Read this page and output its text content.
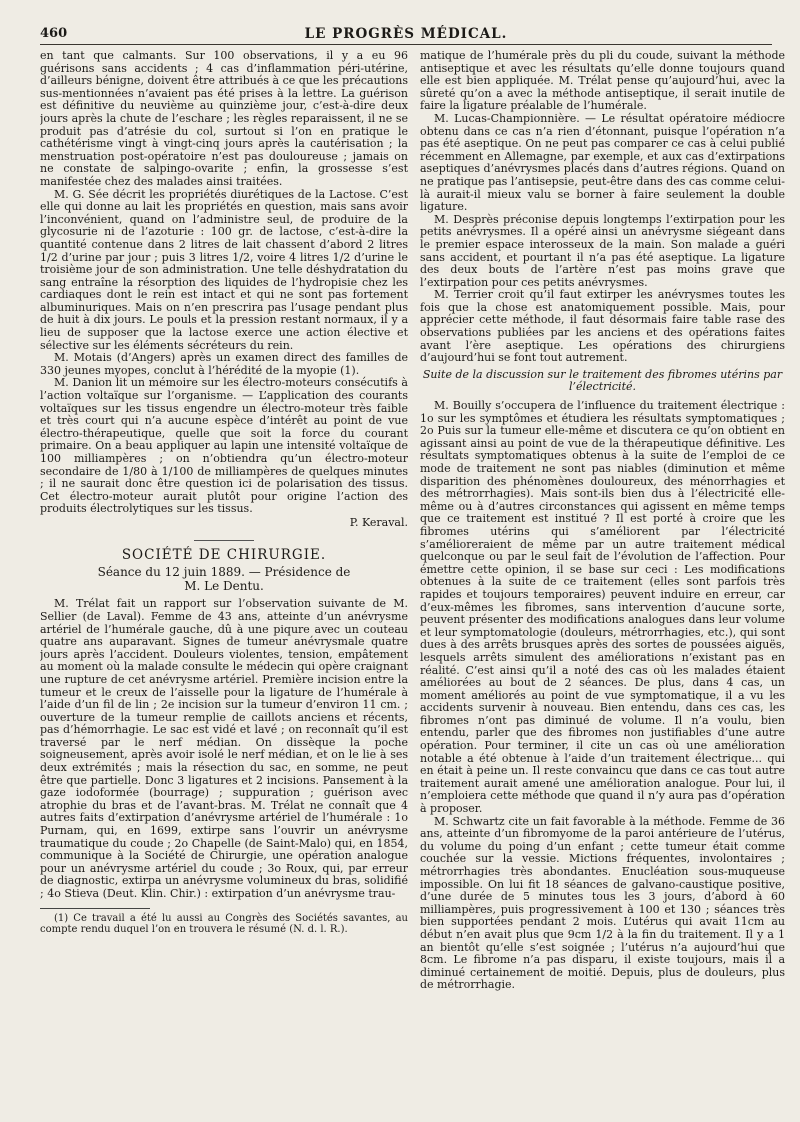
460	LE PROGRÈS MÉDICAL.

en tant que calmants. Sur 100 observations, il y a eu 96 guérisons sans accidents ; 4 cas d’inflammation péri-utérine, d’ailleurs bénigne, doivent être attribués à ce que les précautions sus-mentionnées n’avaient pas été prises à la lettre. La guérison est définitive du neuvième au quinzième jour, c’est-à-dire deux jours après la chute de l’eschare ; les règles reparaissent, il ne se produit pas d’atrésie du col, surtout si l’on en pratique le cathétérisme vingt à vingt-cinq jours après la cautérisation ; la menstruation post-opératoire n’est pas douloureuse ; jamais on ne constate de salpingo-ovarite ; enfin, la grossesse s’est manifestée chez des malades ainsi traitées.

M. G. Sée décrit les propriétés diurétiques de la Lactose. C’est elle qui donne au lait les propriétés en question, mais sans avoir l’inconvénient, quand on l’administre seul, de produire de la glycosurie ni de l’azoturie : 100 gr. de lactose, c’est-à-dire la quantité contenue dans 2 litres de lait chassent d’abord 2 litres 1/2 d’urine par jour ; puis 3 litres 1/2, voire 4 litres 1/2 d’urine le troisième jour de son administration. Une telle déshydratation du sang entraîne la résorption des liquides de l’hydropisie chez les cardiaques dont le rein est intact et qui ne sont pas fortement albuminuriques. Mais on n’en prescrira pas l’usage pendant plus de huit à dix jours. Le pouls et la pression restant normaux, il y a lieu de supposer que la lactose exerce une action élective et sélective sur les éléments sécréteurs du rein.

M. Motais (d’Angers) après un examen direct des familles de 330 jeunes myopes, conclut à l’hérédité de la myopie (1).

M. Danion lit un mémoire sur les électro-moteurs consécutifs à l’action voltaïque sur l’organisme. — L’application des courants voltaïques sur les tissus engendre un électro-moteur très faible et très court qui n’a aucune espèce d’intérêt au point de vue électro-thérapeutique, quelle que soit la force du courant primaire. On a beau appliquer au lapin une intensité voltaïque de 100 milliampères ; on n’obtiendra qu’un électro-moteur secondaire de 1/80 à 1/100 de milliampères de quelques minutes ; il ne saurait donc être question ici de polarisation des tissus. Cet électro-moteur aurait plutôt pour origine l’action des produits électrolytiques sur les tissus.

P. Keraval.
SOCIÉTÉ DE CHIRURGIE.
Séance du 12 juin 1889. — Présidence de
M. Le Dentu.

M. Trélat fait un rapport sur l’observation suivante de M. Sellier (de Laval). Femme de 43 ans, atteinte d’un anévrysme artériel de l’humérale gauche, dû à une piqure avec un couteau quatre ans auparavant. Signes de tumeur anévrysmale quatre jours après l’accident. Douleurs violentes, tension, empâtement au moment où la malade consulte le médecin qui opère craignant une rupture de cet anévrysme artériel. Première incision entre la tumeur et le creux de l’aisselle pour la ligature de l’humérale à l’aide d’un fil de lin ; 2e incision sur la tumeur d’environ 11 cm. ; ouverture de la tumeur remplie de caillots anciens et récents, pas d’hémorrhagie. Le sac est vidé et lavé ; on reconnaît qu’il est traversé par le nerf médian. On dissèque la poche soigneusement, après avoir isolé le nerf médian, et on le lie à ses deux extrémités ; mais la résection du sac, en somme, ne peut être que partielle. Donc 3 ligatures et 2 incisions. Pansement à la gaze iodoformée (bourrage) ; suppuration ; guérison avec atrophie du bras et de l’avant-bras. M. Trélat ne connaît que 4 autres faits d’extirpation d’anévrysme artériel de l’humérale : 1o Purnam, qui, en 1699, extirpe sans l’ouvrir un anévrysme traumatique du coude ; 2o Chapelle (de Saint-Malo) qui, en 1854, communique à la Société de Chirurgie, une opération analogue pour un anévrysme artériel du coude ; 3o Roux, qui, par erreur de diagnostic, extirpa un anévrysme volumineux du bras, solidifié ; 4o Stieva (Deut. Klin. Chir.) : extirpation d’un anévrysme trau-

(1) Ce travail a été lu aussi au Congrès des Sociétés savantes, au compte rendu duquel l’on en trouvera le résumé (N. d. l. R.).

matique de l’humérale près du pli du coude, suivant la méthode antiseptique et avec les résultats qu’elle donne toujours quand elle est bien appliquée. M. Trélat pense qu’aujourd’hui, avec la sûreté qu’on a avec la méthode antiseptique, il serait inutile de faire la ligature préalable de l’humérale.

M. Lucas-Championnière. — Le résultat opératoire médiocre obtenu dans ce cas n’a rien d’étonnant, puisque l’opération n’a pas été aseptique. On ne peut pas comparer ce cas à celui publié récemment en Allemagne, par exemple, et aux cas d’extirpations aseptiques d’anévrysmes placés dans d’autres régions. Quand on ne pratique pas l’antisepsie, peut-être dans des cas comme celui-là aurait-il mieux valu se borner à faire seulement la double ligature.

M. Desprès préconise depuis longtemps l’extirpation pour les petits anévrysmes. Il a opéré ainsi un anévrysme siégeant dans le premier espace interosseux de la main. Son malade a guéri sans accident, et pourtant il n’a pas été aseptique. La ligature des deux bouts de l’artère n’est pas moins grave que l’extirpation pour ces petits anévrysmes.

M. Terrier croit qu’il faut extirper les anévrysmes toutes les fois que la chose est anatomiquement possible. Mais, pour apprécier cette méthode, il faut désormais faire table rase des observations publiées par les anciens et des opérations faites avant l’ère aseptique. Les opérations des chirurgiens d’aujourd’hui se font tout autrement.

Suite de la discussion sur le traitement des fibromes utérins par l’électricité.

M. Bouilly s’occupera de l’influence du traitement électrique : 1o sur les symptômes et étudiera les résultats symptomatiques ; 2o Puis sur la tumeur elle-même et discutera ce qu’on obtient en agissant ainsi au point de vue de la thérapeutique définitive. Les résultats symptomatiques obtenus à la suite de l’emploi de ce mode de traitement ne sont pas niables (diminution et même disparition des phénomènes douloureux, des ménorrhagies et des métrorrhagies). Mais sont-ils bien dus à l’électricité elle-même ou à d’autres circonstances qui agissent en même temps que ce traitement est institué ? Il est porté à croire que les fibromes utérins qui s’améliorent par l’électricité s’amélioreraient de même par un autre traitement médical quelconque ou par le seul fait de l’évolution de l’affection. Pour émettre cette opinion, il se base sur ceci : Les modifications obtenues à la suite de ce traitement (elles sont parfois très rapides et toujours temporaires) peuvent induire en erreur, car d’eux-mêmes les fibromes, sans intervention d’aucune sorte, peuvent présenter des modifications analogues dans leur volume et leur symptomatologie (douleurs, métrorrhagies, etc.), qui sont dues à des arrêts brusques après des sortes de poussées aiguës, lesquels arrêts simulent des améliorations n’existant pas en réalité. C’est ainsi qu’il a noté des cas où les malades étaient améliorées au bout de 2 séances. De plus, dans 4 cas, un moment améliorés au point de vue symptomatique, il a vu les accidents survenir à nouveau. Bien entendu, dans ces cas, les fibromes n’ont pas diminué de volume. Il n’a voulu, bien entendu, parler que des fibromes non justifiables d’une autre opération. Pour terminer, il cite un cas où une amélioration notable a été obtenue à l’aide d’un traitement électrique... qui en était à peine un. Il reste convaincu que dans ce cas tout autre traitement aurait amené une amélioration analogue. Pour lui, il n’emploiera cette méthode que quand il n’y aura pas d’opération à proposer.

M. Schwartz cite un fait favorable à la méthode. Femme de 36 ans, atteinte d’un fibromyome de la paroi antérieure de l’utérus, du volume du poing d’un enfant ; cette tumeur était comme couchée sur la vessie. Mictions fréquentes, involontaires ; métrorrhagies très abondantes. Enucléation sous-muqueuse impossible. On lui fit 18 séances de galvano-caustique positive, d’une durée de 5 minutes tous les 3 jours, d’abord à 60 milliampères, puis progressivement à 100 et 130 ; séances très bien supportées pendant 2 mois. L’utérus qui avait 11cm au début n’en avait plus que 9cm 1/2 à la fin du traitement. Il y a 1 an bientôt qu’elle s’est soignée ; l’utérus n’a aujourd’hui que 8cm. Le fibrome n’a pas disparu, il existe toujours, mais il a diminué certainement de moitié. Depuis, plus de douleurs, plus de métrorrhagie.
